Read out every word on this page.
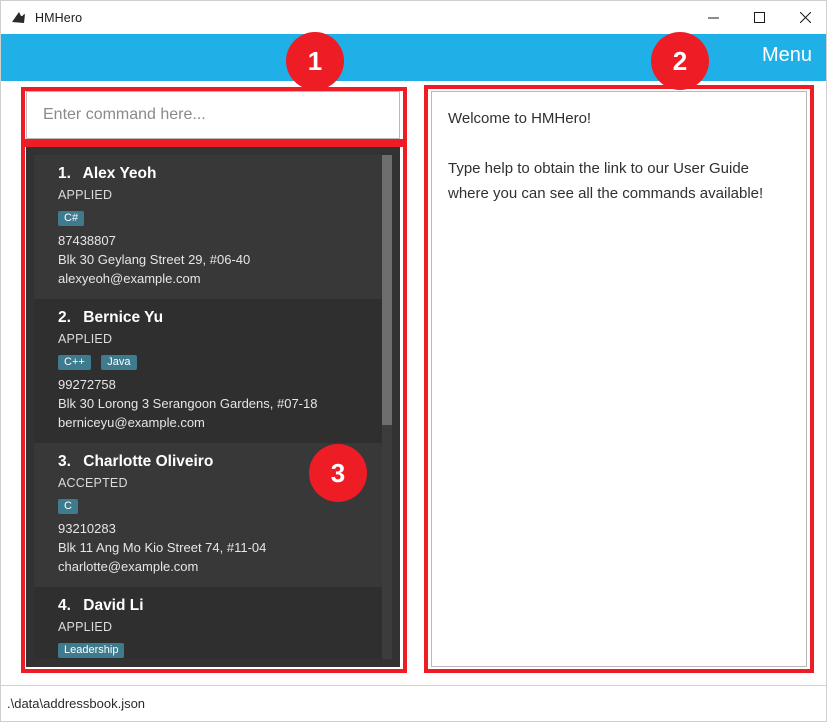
HMHero
Menu
Enter command here...
1. Alex Yeoh
APPLIED
C#
87438807
Blk 30 Geylang Street 29, #06-40
alexyeoh@example.com
2. Bernice Yu
APPLIED
C++ Java
99272758
Blk 30 Lorong 3 Serangoon Gardens, #07-18
berniceyu@example.com
3. Charlotte Oliveiro
ACCEPTED
C
93210283
Blk 11 Ang Mo Kio Street 74, #11-04
charlotte@example.com
4. David Li
APPLIED
Leadership
Welcome to HMHero!
Type help to obtain the link to our User Guide
where you can see all the commands available!
.\data\addressbook.json
1	2
3
